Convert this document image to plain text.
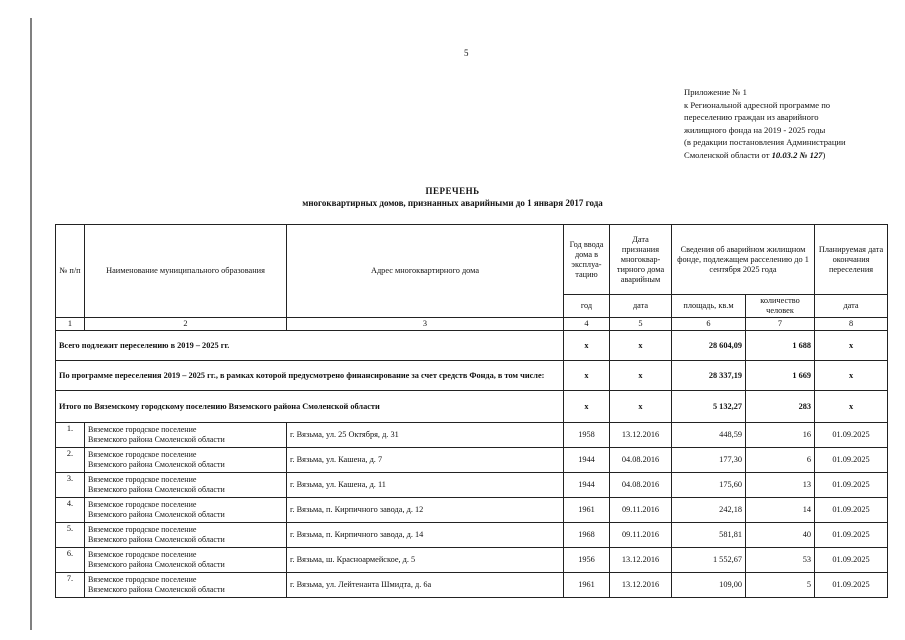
5
Приложение № 1
к Региональной адресной программе по
переселению граждан из аварийного
жилищного фонда на 2019 - 2025 годы
(в редакции постановления Администрации
Смоленской области от 10.03.2 № 127)
ПЕРЕЧЕНЬ
многоквартирных домов, признанных аварийными до 1 января 2017 года
№ п/п	Наименование муниципального образования	Адрес многоквартирного дома	Год ввода дома в эксплуа-тацию	Дата признания многоквар-тирного дома аварийным	Сведения об аварийном жилищном фонде, подлежащем расселению до 1 сентября 2025 года		Планируемая дата окончания переселения
			год	дата	площадь, кв.м	количество человек	дата
1	2	3	4	5	6	7	8
Всего подлежит переселению в 2019 – 2025 гг.			х	х	28 604,09	1 688	х
По программе переселения 2019 – 2025 гг., в рамках которой предусмотрено финансирование за счет средств Фонда, в том числе:			х	х	28 337,19	1 669	х
Итого по Вяземскому городскому поселению Вяземского района Смоленской области			х	х	5 132,27	283	х
1.	Вяземское городское поселение
Вяземского района Смоленской области	г. Вязьма, ул. 25 Октября, д. 31	1958	13.12.2016	448,59	16	01.09.2025
2.	Вяземское городское поселение
Вяземского района Смоленской области	г. Вязьма, ул. Кашена, д. 7	1944	04.08.2016	177,30	6	01.09.2025
3.	Вяземское городское поселение
Вяземского района Смоленской области	г. Вязьма, ул. Кашена, д. 11	1944	04.08.2016	175,60	13	01.09.2025
4.	Вяземское городское поселение
Вяземского района Смоленской области	г. Вязьма, п. Кирпичного завода, д. 12	1961	09.11.2016	242,18	14	01.09.2025
5.	Вяземское городское поселение
Вяземского района Смоленской области	г. Вязьма, п. Кирпичного завода, д. 14	1968	09.11.2016	581,81	40	01.09.2025
6.	Вяземское городское поселение
Вяземского района Смоленской области	г. Вязьма, ш. Красноармейское, д. 5	1956	13.12.2016	1 552,67	53	01.09.2025
7.	Вяземское городское поселение
Вяземского района Смоленской области	г. Вязьма, ул. Лейтенанта Шмидта, д. 6а	1961	13.12.2016	109,00	5	01.09.2025
